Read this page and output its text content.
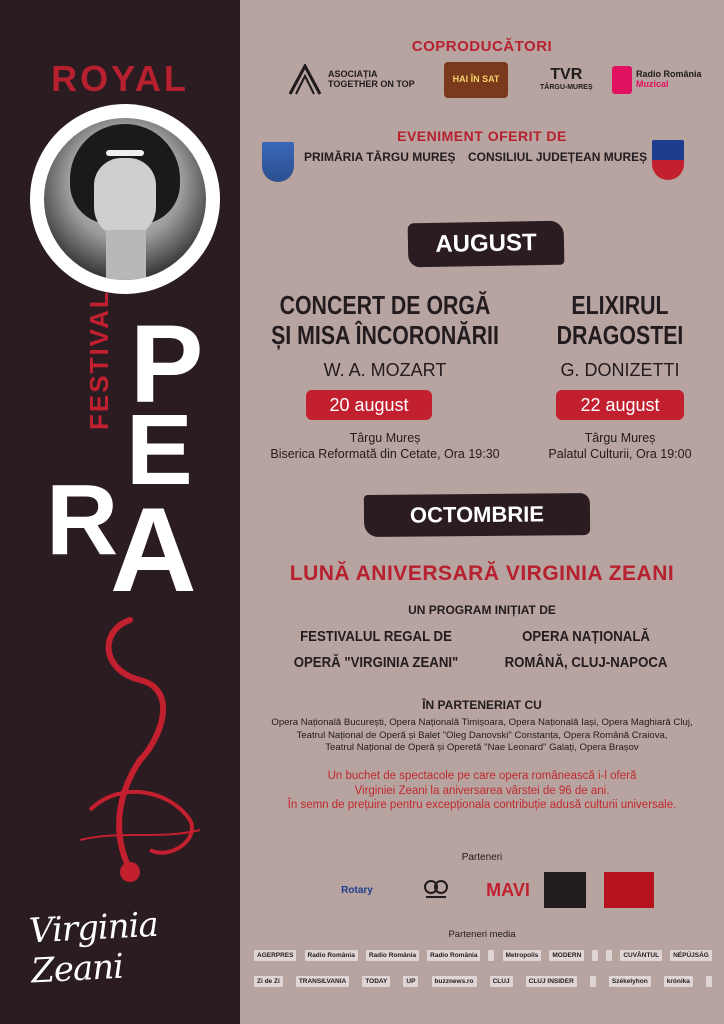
ROYAL
P
E
R
A
FESTIVAL
Virginia Zeani
COPRODUCĂTORI
ASOCIAȚIA
TOGETHER ON TOP	HAI ÎN SAT	TVR
TÂRGU-MUREȘ
Radio România
Muzical
EVENIMENT OFERIT DE
PRIMĂRIA TÂRGU MUREȘ CONSILIUL JUDEȚEAN MUREȘ
AUGUST
CONCERT DE ORGĂ
ȘI MISA ÎNCORONĂRII
W. A. MOZART
20 august
Târgu Mureș
Biserica Reformată din Cetate, Ora 19:30
ELIXIRUL
DRAGOSTEI
G. DONIZETTI
22 august
Târgu Mureș
Palatul Culturii, Ora 19:00
OCTOMBRIE
LUNĂ ANIVERSARĂ VIRGINIA ZEANI
UN PROGRAM INIȚIAT DE
FESTIVALUL REGAL DE
OPERĂ "VIRGINIA ZEANI"
OPERA NAȚIONALĂ
ROMÂNĂ, CLUJ-NAPOCA
ÎN PARTENERIAT CU
Opera Națională București, Opera Națională Timișoara, Opera Națională Iași, Opera Maghiară Cluj,
Teatrul Național de Operă și Balet "Oleg Danovski" Constanța, Opera Română Craiova,
Teatrul Național de Operă și Operetă "Nae Leonard" Galați, Opera Brașov
Un buchet de spectacole pe care opera românească i-l oferă
Virginiei Zeani la aniversarea vârstei de 96 de ani.
În semn de prețuire pentru excepționala contribuție adusă culturii universale.
Parteneri
Rotary	MAVI
Parteneri media
AGERPRES	Radio România	Radio România	Radio România	Metropolis	MODERN	CUVÂNTUL	NÉPÚJSÁG
Zi de Zi	TRANSILVANIA	TODAY	UP	buzznews.ro	CLUJ	CLUJ INSIDER	Székelyhon	krónika
